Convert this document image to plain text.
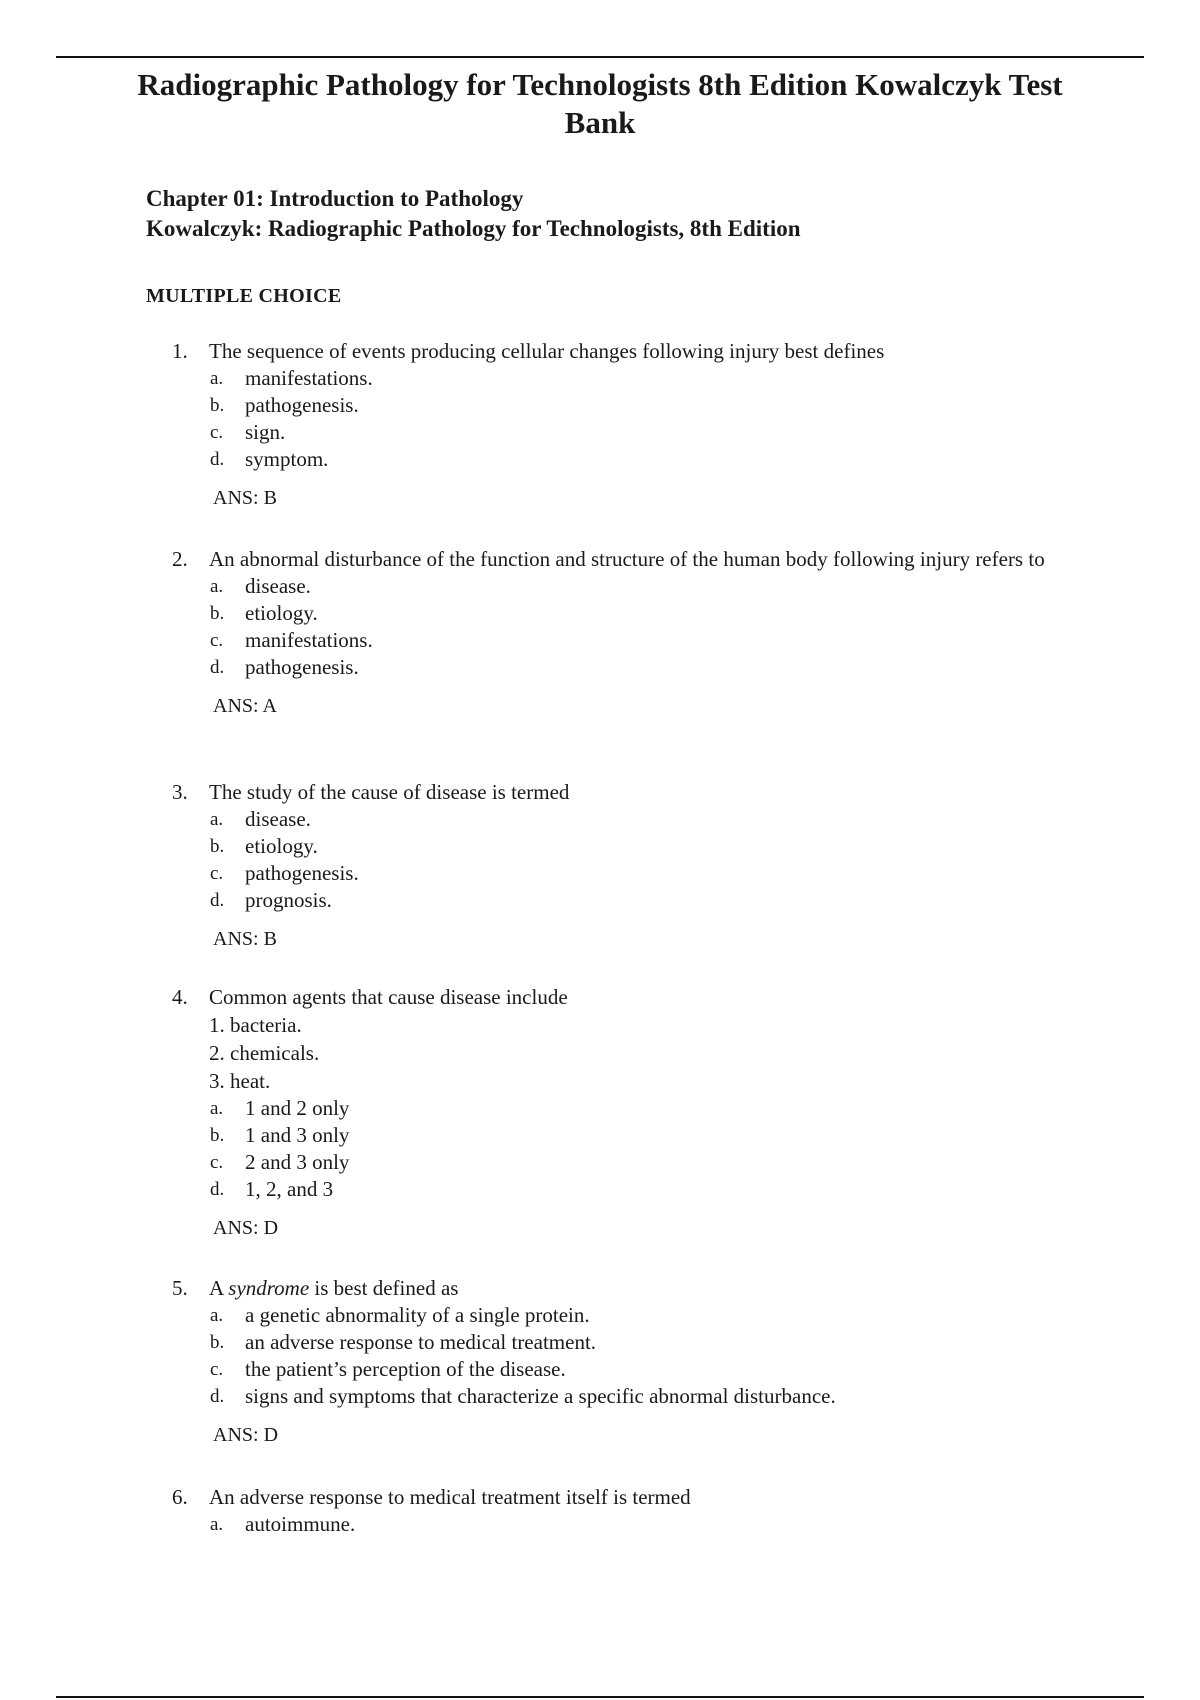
Radiographic Pathology for Technologists 8th Edition Kowalczyk Test Bank
Chapter 01: Introduction to Pathology
Kowalczyk: Radiographic Pathology for Technologists, 8th Edition
MULTIPLE CHOICE
1. The sequence of events producing cellular changes following injury best defines
a. manifestations.
b. pathogenesis.
c. sign.
d. symptom.
ANS: B
2. An abnormal disturbance of the function and structure of the human body following injury refers to
a. disease.
b. etiology.
c. manifestations.
d. pathogenesis.
ANS: A
3. The study of the cause of disease is termed
a. disease.
b. etiology.
c. pathogenesis.
d. prognosis.
ANS: B
4. Common agents that cause disease include
1. bacteria.
2. chemicals.
3. heat.
a. 1 and 2 only
b. 1 and 3 only
c. 2 and 3 only
d. 1, 2, and 3
ANS: D
5. A syndrome is best defined as
a. a genetic abnormality of a single protein.
b. an adverse response to medical treatment.
c. the patient’s perception of the disease.
d. signs and symptoms that characterize a specific abnormal disturbance.
ANS: D
6. An adverse response to medical treatment itself is termed
a. autoimmune.
